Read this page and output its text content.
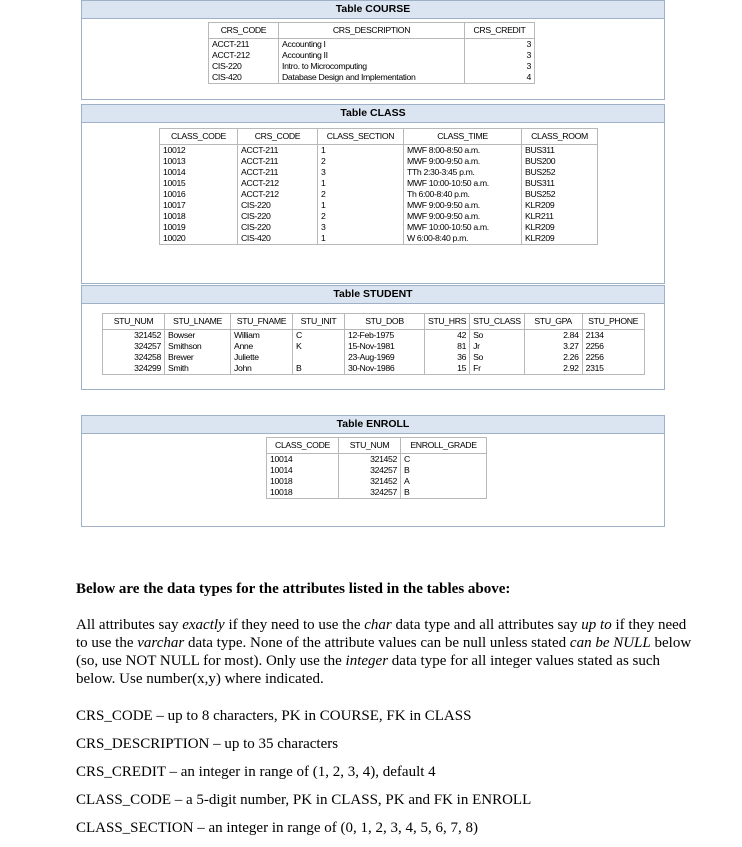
Table COURSE
CRS_CODE	CRS_DESCRIPTION	CRS_CREDIT
ACCT-211	Accounting I	3
ACCT-212	Accounting II	3
CIS-220	Intro. to Microcomputing	3
CIS-420	Database Design and Implementation	4
Table CLASS
CLASS_CODE	CRS_CODE	CLASS_SECTION	CLASS_TIME	CLASS_ROOM
10012	ACCT-211	1	MWF 8:00-8:50 a.m.	BUS311
10013	ACCT-211	2	MWF 9:00-9:50 a.m.	BUS200
10014	ACCT-211	3	TTh 2:30-3:45 p.m.	BUS252
10015	ACCT-212	1	MWF 10:00-10:50 a.m.	BUS311
10016	ACCT-212	2	Th 6:00-8:40 p.m.	BUS252
10017	CIS-220	1	MWF 9:00-9:50 a.m.	KLR209
10018	CIS-220	2	MWF 9:00-9:50 a.m.	KLR211
10019	CIS-220	3	MWF 10:00-10:50 a.m.	KLR209
10020	CIS-420	1	W 6:00-8:40 p.m.	KLR209
Table STUDENT
STU_NUM	STU_LNAME	STU_FNAME	STU_INIT	STU_DOB	STU_HRS	STU_CLASS	STU_GPA	STU_PHONE
321452	Bowser	William	C	12-Feb-1975	42	So	2.84	2134
324257	Smithson	Anne	K	15-Nov-1981	81	Jr	3.27	2256
324258	Brewer	Juliette		23-Aug-1969	36	So	2.26	2256
324299	Smith	John	B	30-Nov-1986	15	Fr	2.92	2315
Table ENROLL
CLASS_CODE	STU_NUM	ENROLL_GRADE
10014	321452	C
10014	324257	B
10018	321452	A
10018	324257	B

Below are the data types for the attributes listed in the tables above:

All attributes say exactly if they need to use the char data type and all attributes say up to if they need to use the varchar data type. None of the attribute values can be null unless stated can be NULL below (so, use NOT NULL for most). Only use the integer data type for all integer values stated as such below. Use number(x,y) where indicated.

CRS_CODE – up to 8 characters, PK in COURSE, FK in CLASS

CRS_DESCRIPTION – up to 35 characters

CRS_CREDIT – an integer in range of (1, 2, 3, 4), default 4

CLASS_CODE – a 5-digit number, PK in CLASS, PK and FK in ENROLL

CLASS_SECTION – an integer in range of (0, 1, 2, 3, 4, 5, 6, 7, 8)
